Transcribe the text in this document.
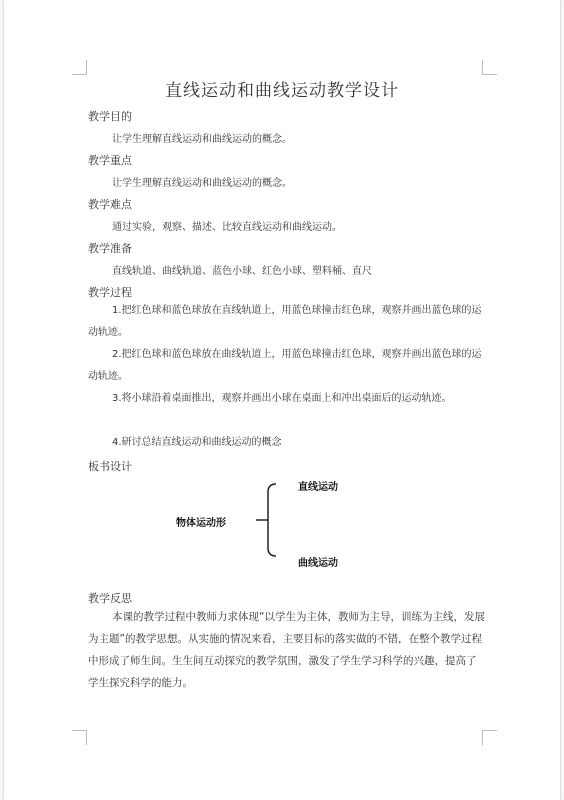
直线运动和曲线运动教学设计
教学目的
让学生理解直线运动和曲线运动的概念。
教学重点
让学生理解直线运动和曲线运动的概念。
教学难点
通过实验，观察、描述、比较直线运动和曲线运动。
教学准备
直线轨道、曲线轨道、蓝色小球、红色小球、塑料桶、直尺
教学过程
1.把红色球和蓝色球放在直线轨道上，用蓝色球撞击红色球，观察并画出蓝色球的运动轨迹。
2.把红色球和蓝色球放在曲线轨道上，用蓝色球撞击红色球，观察并画出蓝色球的运动轨迹。
3.将小球沿着桌面推出，观察并画出小球在桌面上和冲出桌面后的运动轨迹。
4.研讨总结直线运动和曲线运动的概念
板书设计
物体运动形
直线运动
曲线运动
教学反思
本课的教学过程中教师力求体现“以学生为主体，教师为主导，训练为主线，发展为主题”的教学思想。从实施的情况来看，主要目标的落实做的不错，在整个教学过程中形成了师生间。生生间互动探究的教学氛围，激发了学生学习科学的兴趣，提高了学生探究科学的能力。
